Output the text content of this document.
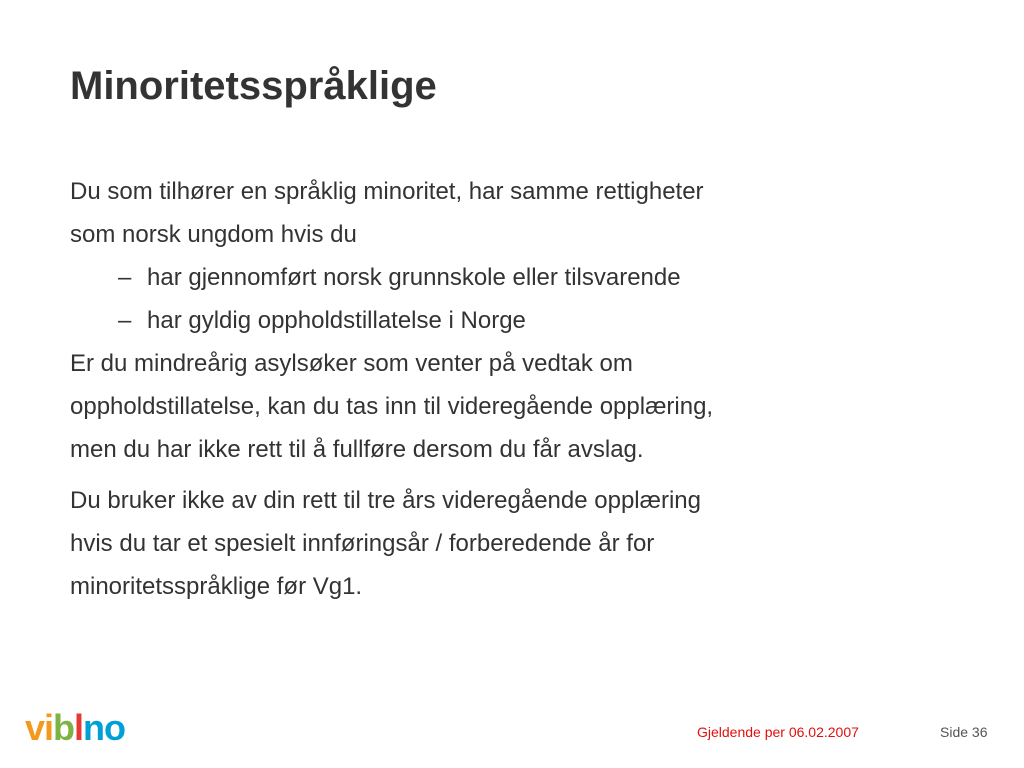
Minoritetsspråklige

Du som tilhører en språklig minoritet, har samme rettigheter
som norsk ungdom hvis du

– har gjennomført norsk grunnskole eller tilsvarende
– har gyldig oppholdstillatelse i Norge

Er du mindreårig asylsøker som venter på vedtak om
oppholdstillatelse, kan du tas inn til videregående opplæring,
men du har ikke rett til å fullføre dersom du får avslag.

Du bruker ikke av din rett til tre års videregående opplæring
hvis du tar et spesielt innføringsår / forberedende år for
minoritetsspråklige før Vg1.

viblno	Gjeldende per 06.02.2007	Side 36
